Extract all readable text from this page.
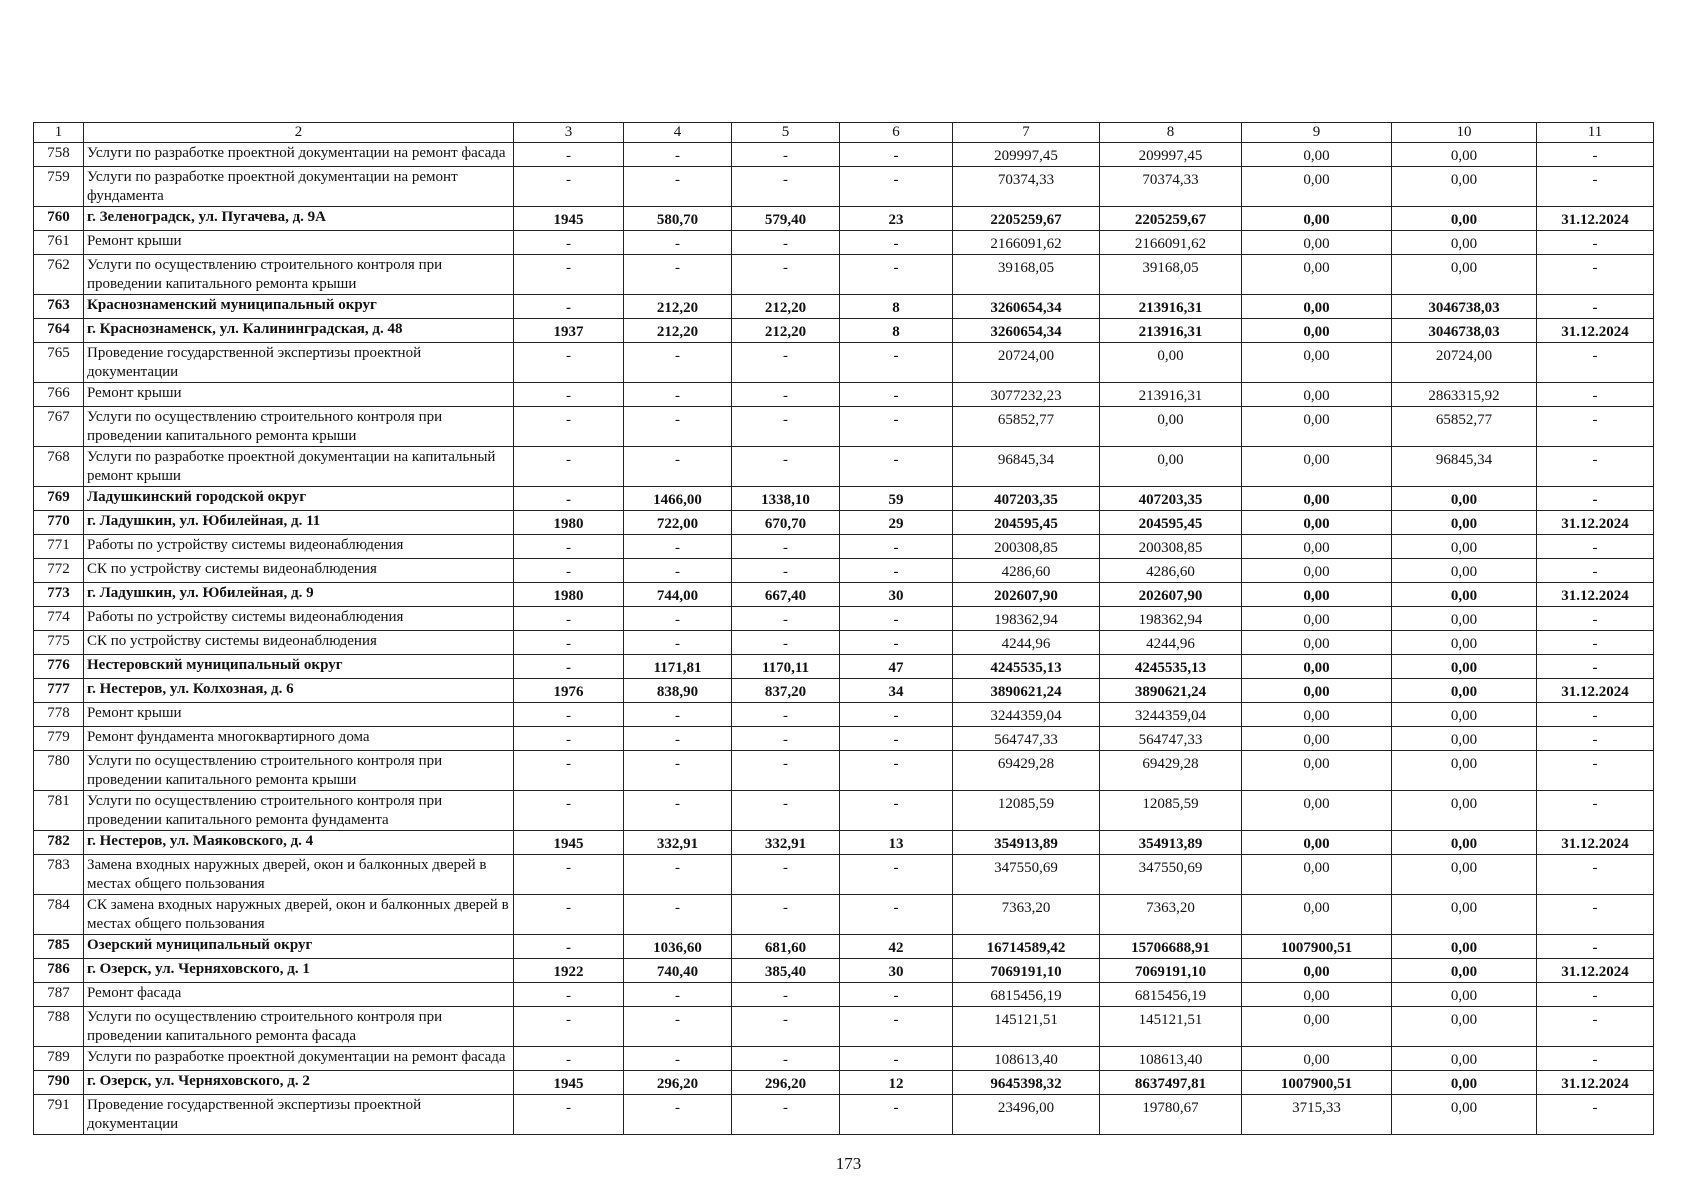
1	2	3	4	5	6	7	8	9	10	11
758	Услуги по разработке проектной документации на ремонт фасада	-	-	-	-	209997,45	209997,45	0,00	0,00	-
759	Услуги по разработке проектной документации на ремонт фундамента	-	-	-	-	70374,33	70374,33	0,00	0,00	-
760	г. Зеленоградск, ул. Пугачева, д. 9А	1945	580,70	579,40	23	2205259,67	2205259,67	0,00	0,00	31.12.2024
761	Ремонт крыши	-	-	-	-	2166091,62	2166091,62	0,00	0,00	-
762	Услуги по осуществлению строительного контроля при проведении капитального ремонта крыши	-	-	-	-	39168,05	39168,05	0,00	0,00	-
763	Краснознаменский муниципальный округ	-	212,20	212,20	8	3260654,34	213916,31	0,00	3046738,03	-
764	г. Краснознаменск, ул. Калининградская, д. 48	1937	212,20	212,20	8	3260654,34	213916,31	0,00	3046738,03	31.12.2024
765	Проведение государственной экспертизы проектной документации	-	-	-	-	20724,00	0,00	0,00	20724,00	-
766	Ремонт крыши	-	-	-	-	3077232,23	213916,31	0,00	2863315,92	-
767	Услуги по осуществлению строительного контроля при проведении капитального ремонта крыши	-	-	-	-	65852,77	0,00	0,00	65852,77	-
768	Услуги по разработке проектной документации на капитальный ремонт крыши	-	-	-	-	96845,34	0,00	0,00	96845,34	-
769	Ладушкинский городской округ	-	1466,00	1338,10	59	407203,35	407203,35	0,00	0,00	-
770	г. Ладушкин, ул. Юбилейная, д. 11	1980	722,00	670,70	29	204595,45	204595,45	0,00	0,00	31.12.2024
771	Работы по устройству системы видеонаблюдения	-	-	-	-	200308,85	200308,85	0,00	0,00	-
772	СК по устройству системы видеонаблюдения	-	-	-	-	4286,60	4286,60	0,00	0,00	-
773	г. Ладушкин, ул. Юбилейная, д. 9	1980	744,00	667,40	30	202607,90	202607,90	0,00	0,00	31.12.2024
774	Работы по устройству системы видеонаблюдения	-	-	-	-	198362,94	198362,94	0,00	0,00	-
775	СК по устройству системы видеонаблюдения	-	-	-	-	4244,96	4244,96	0,00	0,00	-
776	Нестеровский муниципальный округ	-	1171,81	1170,11	47	4245535,13	4245535,13	0,00	0,00	-
777	г. Нестеров, ул. Колхозная, д. 6	1976	838,90	837,20	34	3890621,24	3890621,24	0,00	0,00	31.12.2024
778	Ремонт крыши	-	-	-	-	3244359,04	3244359,04	0,00	0,00	-
779	Ремонт фундамента многоквартирного дома	-	-	-	-	564747,33	564747,33	0,00	0,00	-
780	Услуги по осуществлению строительного контроля при проведении капитального ремонта крыши	-	-	-	-	69429,28	69429,28	0,00	0,00	-
781	Услуги по осуществлению строительного контроля при проведении капитального ремонта фундамента	-	-	-	-	12085,59	12085,59	0,00	0,00	-
782	г. Нестеров, ул. Маяковского, д. 4	1945	332,91	332,91	13	354913,89	354913,89	0,00	0,00	31.12.2024
783	Замена входных наружных дверей, окон и балконных дверей в местах общего пользования	-	-	-	-	347550,69	347550,69	0,00	0,00	-
784	СК замена входных наружных дверей, окон и балконных дверей в местах общего пользования	-	-	-	-	7363,20	7363,20	0,00	0,00	-
785	Озерский муниципальный округ	-	1036,60	681,60	42	16714589,42	15706688,91	1007900,51	0,00	-
786	г. Озерск, ул. Черняховского, д. 1	1922	740,40	385,40	30	7069191,10	7069191,10	0,00	0,00	31.12.2024
787	Ремонт фасада	-	-	-	-	6815456,19	6815456,19	0,00	0,00	-
788	Услуги по осуществлению строительного контроля при проведении капитального ремонта фасада	-	-	-	-	145121,51	145121,51	0,00	0,00	-
789	Услуги по разработке проектной документации на ремонт фасада	-	-	-	-	108613,40	108613,40	0,00	0,00	-
790	г. Озерск, ул. Черняховского, д. 2	1945	296,20	296,20	12	9645398,32	8637497,81	1007900,51	0,00	31.12.2024
791	Проведение государственной экспертизы проектной документации	-	-	-	-	23496,00	19780,67	3715,33	0,00	-
173
